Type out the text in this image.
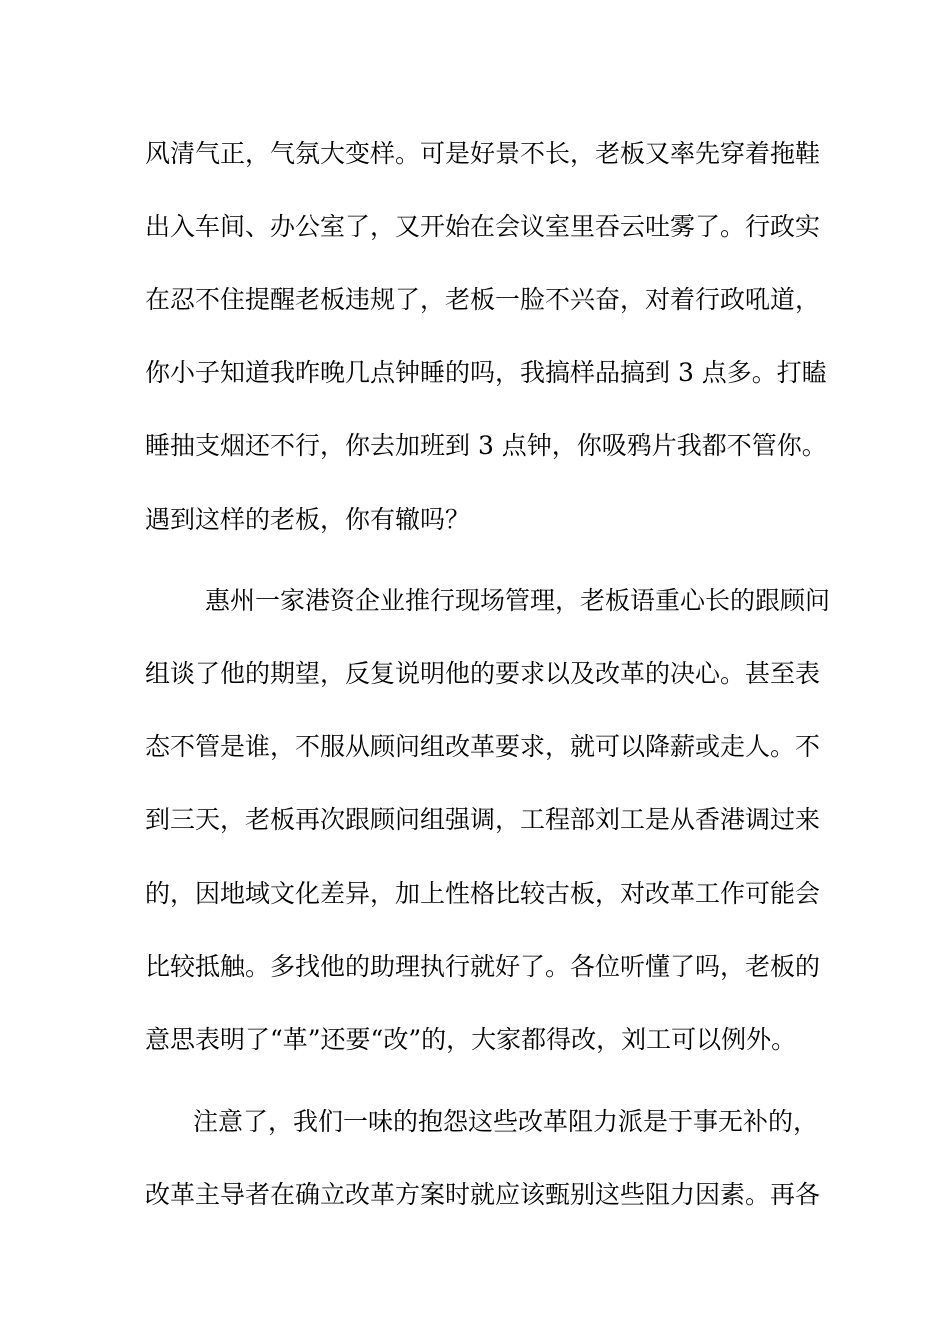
风清气正，气氛大变样。可是好景不长，老板又率先穿着拖鞋
出入车间、办公室了，又开始在会议室里吞云吐雾了。行政实
在忍不住提醒老板违规了，老板一脸不兴奋，对着行政吼道，
你小子知道我昨晚几点钟睡的吗，我搞样品搞到 3 点多。打瞌
睡抽支烟还不行，你去加班到 3 点钟，你吸鸦片我都不管你。
遇到这样的老板，你有辙吗？
惠州一家港资企业推行现场管理，老板语重心长的跟顾问
组谈了他的期望，反复说明他的要求以及改革的决心。甚至表
态不管是谁，不服从顾问组改革要求，就可以降薪或走人。不
到三天，老板再次跟顾问组强调，工程部刘工是从香港调过来
的，因地域文化差异，加上性格比较古板，对改革工作可能会
比较抵触。多找他的助理执行就好了。各位听懂了吗，老板的
意思表明了“革”还要“改”的，大家都得改，刘工可以例外。
注意了，我们一味的抱怨这些改革阻力派是于事无补的，
改革主导者在确立改革方案时就应该甄别这些阻力因素。再各
